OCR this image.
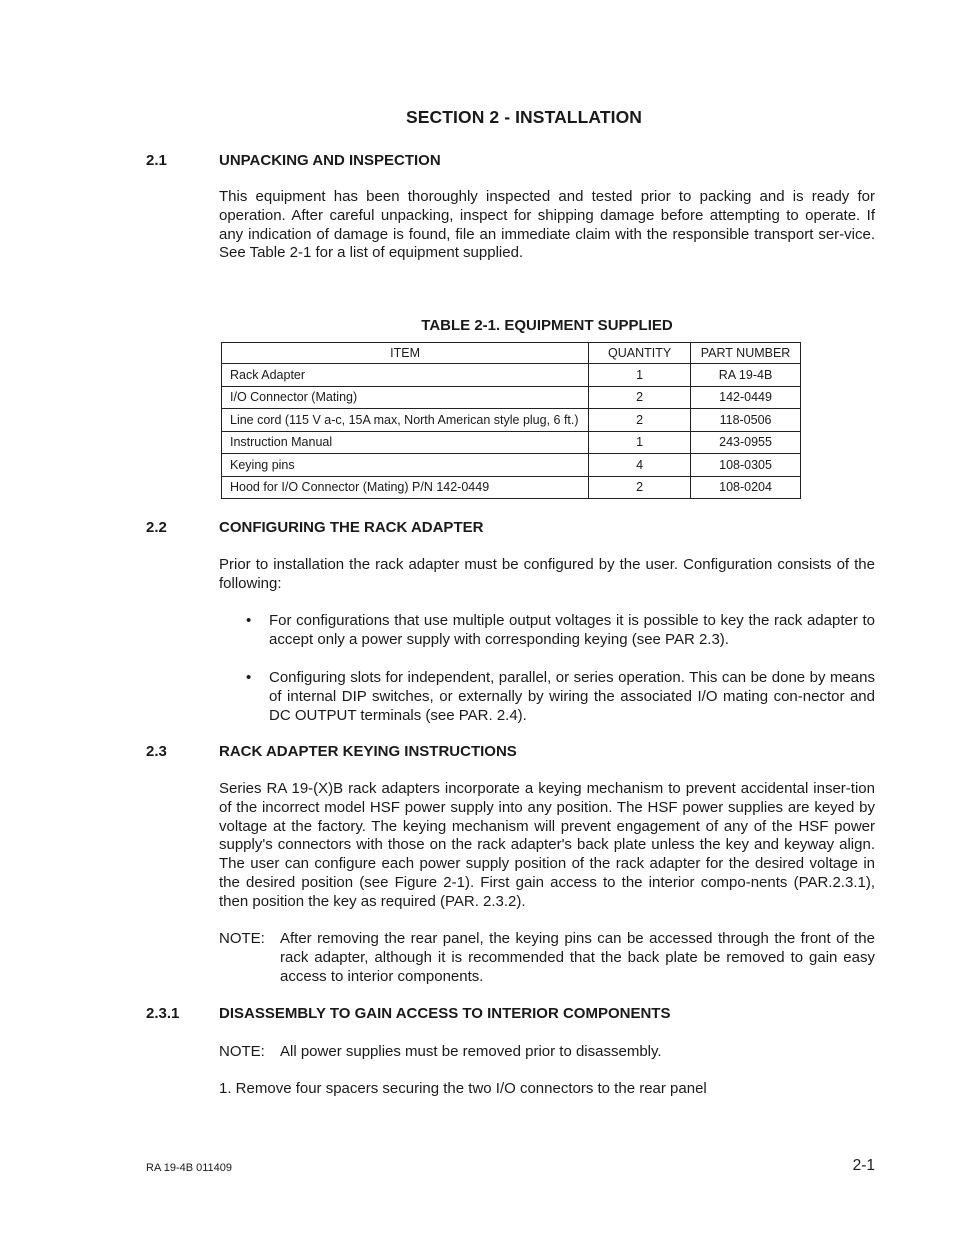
SECTION 2 - INSTALLATION
2.1	UNPACKING AND INSPECTION
This equipment has been thoroughly inspected and tested prior to packing and is ready for operation. After careful unpacking, inspect for shipping damage before attempting to operate. If any indication of damage is found, file an immediate claim with the responsible transport ser-vice. See Table 2-1 for a list of equipment supplied.
TABLE 2-1. EQUIPMENT SUPPLIED
ITEM	QUANTITY	PART NUMBER
Rack Adapter	1	RA 19-4B
I/O Connector (Mating)	2	142-0449
Line cord (115 V a-c, 15A max, North American style plug, 6 ft.)	2	118-0506
Instruction Manual	1	243-0955
Keying pins	4	108-0305
Hood for I/O Connector (Mating) P/N 142-0449	2	108-0204
2.2	CONFIGURING THE RACK ADAPTER
Prior to installation the rack adapter must be configured by the user. Configuration consists of the following:
• For configurations that use multiple output voltages it is possible to key the rack adapter to accept only a power supply with corresponding keying (see PAR 2.3).
• Configuring slots for independent, parallel, or series operation. This can be done by means of internal DIP switches, or externally by wiring the associated I/O mating con-nector and DC OUTPUT terminals (see PAR. 2.4).
2.3	RACK ADAPTER KEYING INSTRUCTIONS
Series RA 19-(X)B rack adapters incorporate a keying mechanism to prevent accidental inser-tion of the incorrect model HSF power supply into any position. The HSF power supplies are keyed by voltage at the factory. The keying mechanism will prevent engagement of any of the HSF power supply's connectors with those on the rack adapter's back plate unless the key and keyway align. The user can configure each power supply position of the rack adapter for the desired voltage in the desired position (see Figure 2-1). First gain access to the interior compo-nents (PAR.2.3.1), then position the key as required (PAR. 2.3.2).
NOTE: After removing the rear panel, the keying pins can be accessed through the front of the rack adapter, although it is recommended that the back plate be removed to gain easy access to interior components.
2.3.1	DISASSEMBLY TO GAIN ACCESS TO INTERIOR COMPONENTS
NOTE: All power supplies must be removed prior to disassembly.
1. Remove four spacers securing the two I/O connectors to the rear panel
RA 19-4B 011409	2-1
